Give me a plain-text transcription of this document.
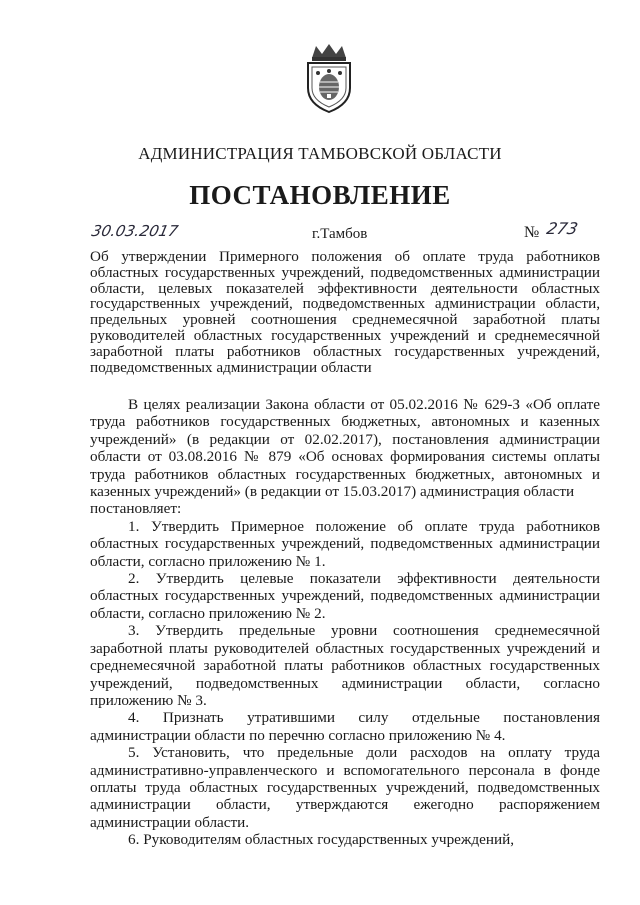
АДМИНИСТРАЦИЯ ТАМБОВСКОЙ ОБЛАСТИ
ПОСТАНОВЛЕНИЕ
30.03.2017	г.Тамбов	№ 273
Об утверждении Примерного положения об оплате труда работников областных государственных учреждений, подведомственных администрации области, целевых показателей эффективности деятельности областных государственных учреждений, подведомственных администрации области, предельных уровней соотношения среднемесячной заработной платы руководителей областных государственных учреждений и среднемесячной заработной платы работников областных государственных учреждений, подведомственных администрации области

В целях реализации Закона области от 05.02.2016 № 629-З «Об оплате труда работников государственных бюджетных, автономных и казенных учреждений» (в редакции от 02.02.2017), постановления администрации области от 03.08.2016 № 879 «Об основах формирования системы оплаты труда работников областных государственных бюджетных, автономных и казенных учреждений» (в редакции от 15.03.2017) администрация области

постановляет:

1. Утвердить Примерное положение об оплате труда работников областных государственных учреждений, подведомственных администрации области, согласно приложению № 1.

2. Утвердить целевые показатели эффективности деятельности областных государственных учреждений, подведомственных администрации области, согласно приложению № 2.

3. Утвердить предельные уровни соотношения среднемесячной заработной платы руководителей областных государственных учреждений и среднемесячной заработной платы работников областных государственных учреждений, подведомственных администрации области, согласно приложению № 3.

4. Признать утратившими силу отдельные постановления администрации области по перечню согласно приложению № 4.

5. Установить, что предельные доли расходов на оплату труда административно-управленческого и вспомогательного персонала в фонде оплаты труда областных государственных учреждений, подведомственных администрации области, утверждаются ежегодно распоряжением администрации области.

6. Руководителям областных государственных учреждений,
